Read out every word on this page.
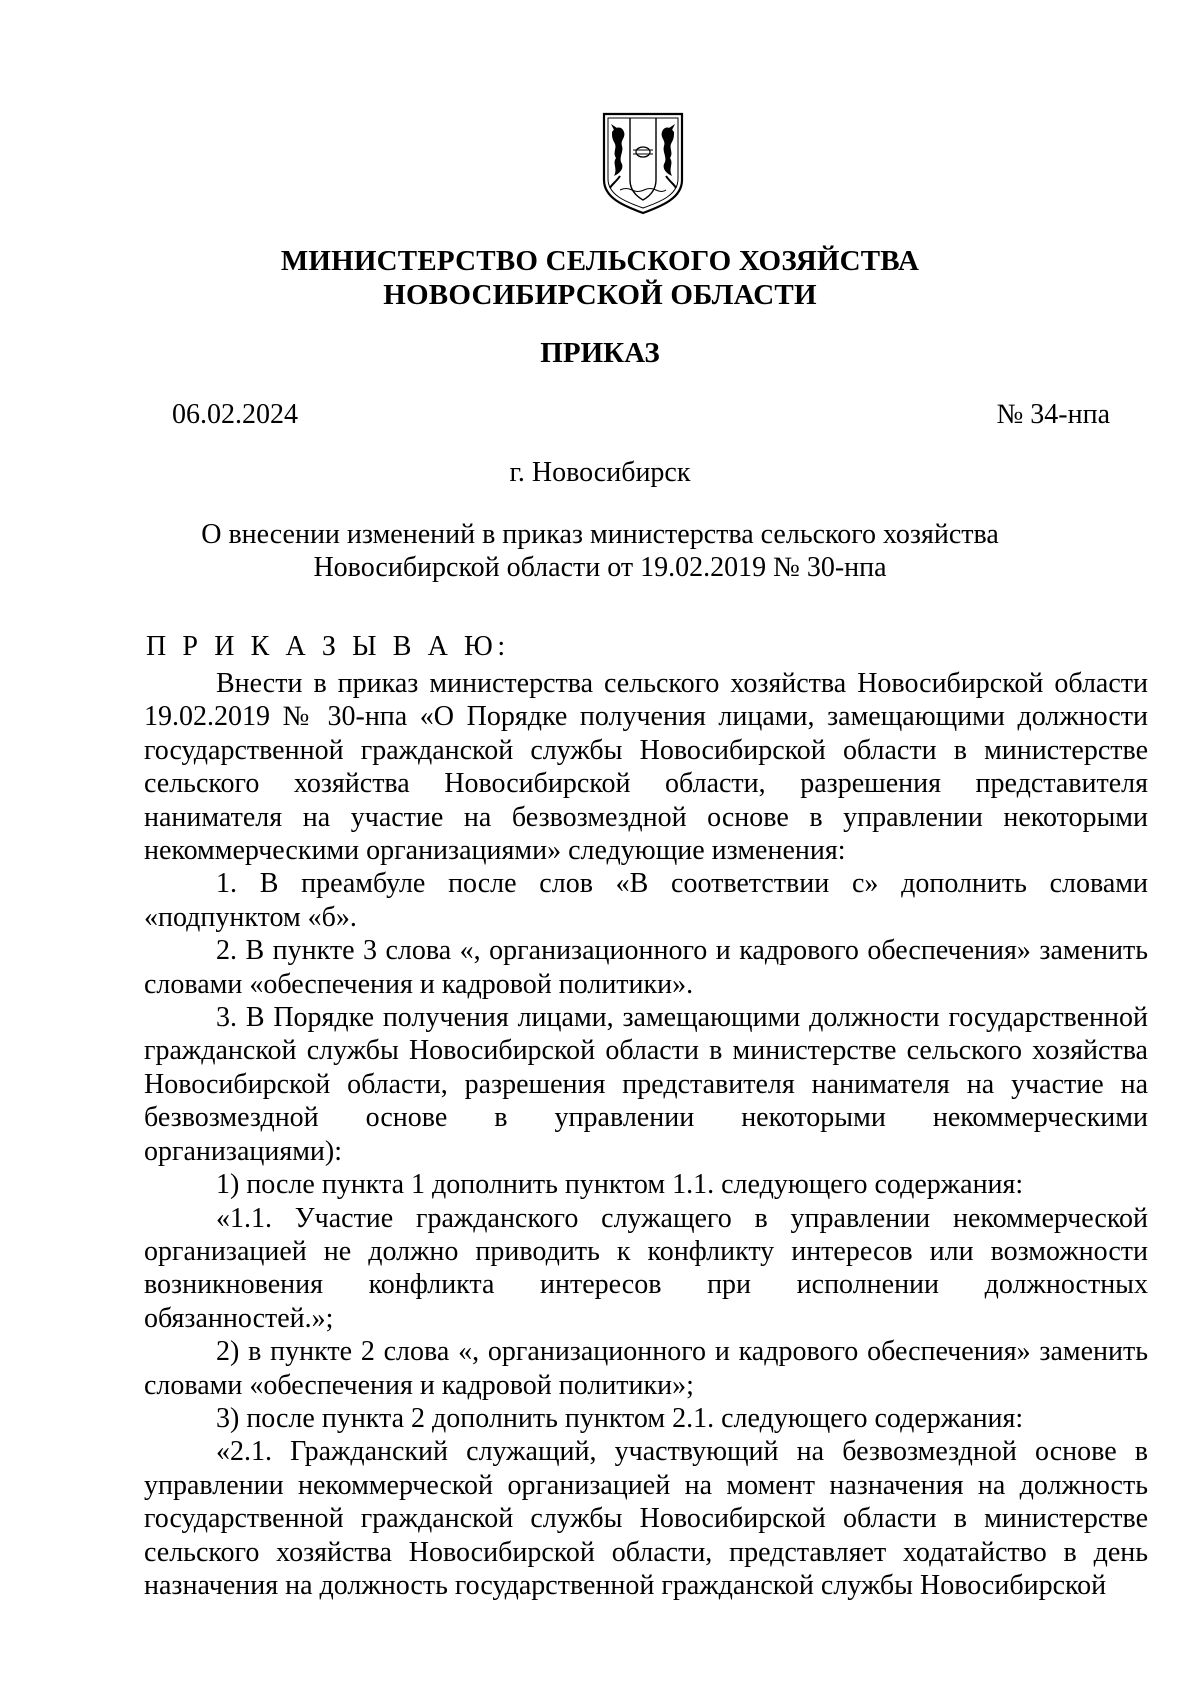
МИНИСТЕРСТВО СЕЛЬСКОГО ХОЗЯЙСТВА
НОВОСИБИРСКОЙ ОБЛАСТИ
ПРИКАЗ
06.02.2024	№ 34-нпа
г. Новосибирск
О внесении изменений в приказ министерства сельского хозяйства
Новосибирской области от 19.02.2019 № 30-нпа
П Р И К А З Ы В А Ю:

Внести в приказ министерства сельского хозяйства Новосибирской области 19.02.2019 № 30-нпа «О Порядке получения лицами, замещающими должности государственной гражданской службы Новосибирской области в министерстве сельского хозяйства Новосибирской области, разрешения представителя нанимателя на участие на безвозмездной основе в управлении некоторыми некоммерческими организациями» следующие изменения:

1. В преамбуле после слов «В соответствии с» дополнить словами «подпунктом «б».

2. В пункте 3 слова «, организационного и кадрового обеспечения» заменить словами «обеспечения и кадровой политики».

3. В Порядке получения лицами, замещающими должности государственной гражданской службы Новосибирской области в министерстве сельского хозяйства Новосибирской области, разрешения представителя нанимателя на участие на безвозмездной основе в управлении некоторыми некоммерческими организациями):

1) после пункта 1 дополнить пунктом 1.1. следующего содержания:

«1.1. Участие гражданского служащего в управлении некоммерческой организацией не должно приводить к конфликту интересов или возможности возникновения конфликта интересов при исполнении должностных обязанностей.»;

2) в пункте 2 слова «, организационного и кадрового обеспечения» заменить словами «обеспечения и кадровой политики»;

3) после пункта 2 дополнить пунктом 2.1. следующего содержания:

«2.1. Гражданский служащий, участвующий на безвозмездной основе в управлении некоммерческой организацией на момент назначения на должность государственной гражданской службы Новосибирской области в министерстве сельского хозяйства Новосибирской области, представляет ходатайство в день назначения на должность государственной гражданской службы Новосибирской
